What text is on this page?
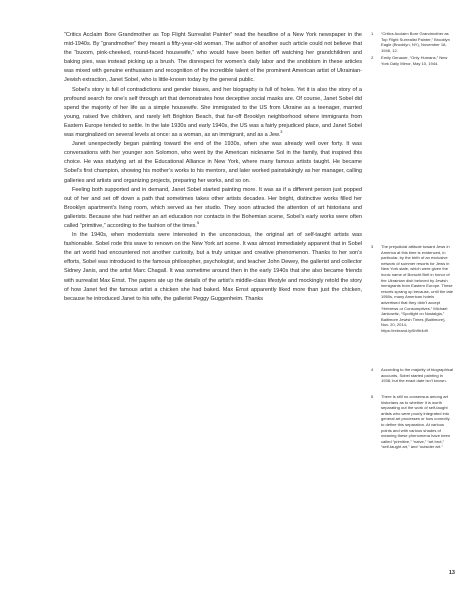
“Critics Acclaim Bore Grandmother as Top Flight Surrealist Painter” read the headline of a New York newspaper in the mid-1940s. By “grandmother” they meant a fifty-year-old woman. The author of another such article could not believe that the “buxom, pink-cheeked, round-faced housewife,” who would have been better off watching her grandchildren and baking pies, was instead picking up a brush. The disrespect for women’s daily labor and the snobbism in these articles was mixed with genuine enthusiasm and recognition of the incredible talent of the prominent American artist of Ukrainian-Jewish extraction, Janet Sobel, who is little-known today by the general public.

Sobel’s story is full of contradictions and gender biases, and her biography is full of holes. Yet it is also the story of a profound search for one’s self through art that demonstrates how deceptive social masks are. Of course, Janet Sobel did spend the majority of her life as a simple housewife. She immigrated to the US from Ukraine as a teenager, married young, raised five children, and rarely left Brighton Beach, that far-off Brooklyn neighborhood where immigrants from Eastern Europe tended to settle. In the late 1930s and early 1940s, the US was a fairly prejudiced place, and Janet Sobel was marginalized on several levels at once: as a woman, as an immigrant, and as a Jew.$^3$

Janet unexpectedly began painting toward the end of the 1930s, when she was already well over forty. It was conversations with her younger son Solomon, who went by the American nickname Sol in the family, that inspired this choice. He was studying art at the Educational Alliance in New York, where many famous artists taught. He became Sobel’s first champion, showing his mother’s works to his mentors, and later worked painstakingly as her manager, calling galleries and artists and organizing projects, preparing her works, and so on.

Feeling both supported and in demand, Janet Sobel started painting more. It was as if a different person just popped out of her and set off down a path that sometimes takes other artists decades. Her bright, distinctive works filled her Brooklyn apartment’s living room, which served as her studio. They soon attracted the attention of art historians and gallerists. Because she had neither an art education nor contacts in the Bohemian scene, Sobel’s early works were often called “primitive,” according to the fashion of the times.$^5$

In the 1940s, when modernists were interested in the unconscious, the original art of self-taught artists was fashionable. Sobel rode this wave to renown on the New York art scene. It was almost immediately apparent that in Sobel the art world had encountered not another curiosity, but a truly unique and creative phenomenon. Thanks to her son’s efforts, Sobel was introduced to the famous philosopher, psychologist, and teacher John Dewey, the gallerist and collector Sidney Janis, and the artist Marc Chagall. It was sometime around then in the early 1940s that she also became friends with surrealist Max Ernst. The papers ate up the details of the artist’s middle-class lifestyle and mockingly retold the story of how Janet fed the famous artist a chicken she had baked. Max Ernst apparently liked more than just the chicken, because he introduced Janet to his wife, the gallerist Peggy Guggenheim. Thanks

1	“Critics Acclaim Bore Grandmother as Top Flight Surrealist Painter,” Brooklyn Eagle (Brooklyn, NY), November 18, 1946, 12.
2	Emily Genauer, “Only Humans,” New York Daily Mirror, May 10, 1944.
3	The prejudicial attitude toward Jews in America at this time is evidenced, in particular, by the birth of an exclusive network of summer resorts for Jews in New York state, which were given the ironic name of Borscht Belt in honor of the Ukrainian dish beloved by Jewish immigrants from Eastern Europe. These resorts sprang up because, until the late 1950s, many American hotels advertised that they didn’t accept “Hebrews or Consumptives.” Michael Jankowitz, “Spotlight on Nostalgia,” Baltimore Jewish Times (Baltimore), Nov. 20, 2014, https://rebrand.ly/6h9h4d9
4	According to the majority of biographical accounts, Sobel started painting in 1938, but the exact date isn’t known.
5	There is still no consensus among art historians as to whether it is worth separating out the work of self-taught artists who were poorly integrated into general art processes or how correctly to define this separation. At various points and with various shades of meaning these phenomena have been called “primitive,” “naive,” “art brut,” “self-taught art,” and “outsider art.”
13
